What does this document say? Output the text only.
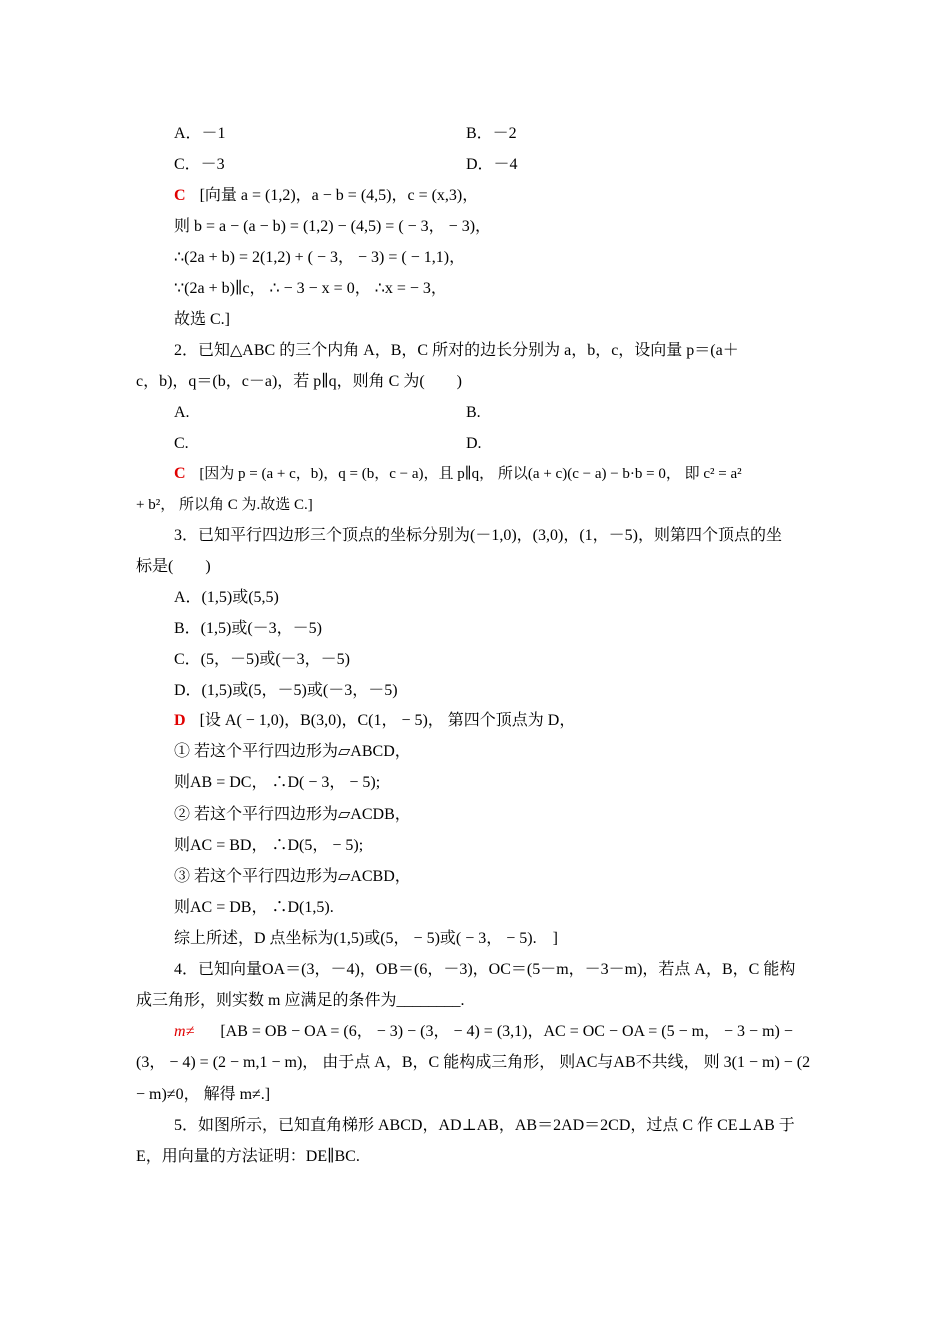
A．－1	B．－2
C．－3	D．－4
C [向量 a = (1,2)，a − b = (4,5)，c = (x,3)，
则 b = a − (a − b) = (1,2) − (4,5) = ( − 3， − 3)，
∴(2a + b) = 2(1,2) + ( − 3， − 3) = ( − 1,1)，
∵(2a + b)∥c， ∴ − 3 − x = 0， ∴x = − 3，
故选 C.]
2．已知△ABC 的三个内角 A，B，C 所对的边长分别为 a，b，c，设向量 p＝(a＋
c，b)，q＝(b，c－a)，若 p∥q，则角 C 为(　　)
A.	B.
C.	D.
C [因为 p = (a + c，b)，q = (b，c − a)，且 p∥q， 所以(a + c)(c − a) − b·b = 0， 即 c² = a²
+ b²， 所以角 C 为.故选 C.]
3．已知平行四边形三个顶点的坐标分别为(－1,0)，(3,0)，(1，－5)，则第四个顶点的坐
标是(　　)
A．(1,5)或(5,5)
B．(1,5)或(－3，－5)
C．(5，－5)或(－3，－5)
D．(1,5)或(5，－5)或(－3，－5)
D [设 A( − 1,0)，B(3,0)，C(1， − 5)， 第四个顶点为 D，
① 若这个平行四边形为▱ABCD，
则AB = DC， ∴D( − 3， − 5);
② 若这个平行四边形为▱ACDB，
则AC = BD， ∴D(5， − 5);
③ 若这个平行四边形为▱ACBD，
则AC = DB， ∴D(1,5).
综上所述，D 点坐标为(1,5)或(5， − 5)或( − 3， − 5).　]
4．已知向量OA＝(3，－4)，OB＝(6，－3)，OC＝(5－m，－3－m)，若点 A，B，C 能构
成三角形，则实数 m 应满足的条件为________.
m≠ [AB = OB − OA = (6， − 3) − (3， − 4) = (3,1)，AC = OC − OA = (5 − m， − 3 − m) −
(3， − 4) = (2 − m,1 − m)， 由于点 A，B，C 能构成三角形， 则AC与AB不共线， 则 3(1 − m) − (2
− m)≠0， 解得 m≠.]
5．如图所示，已知直角梯形 ABCD，AD⊥AB，AB＝2AD＝2CD，过点 C 作 CE⊥AB 于
E，用向量的方法证明：DE∥BC.
